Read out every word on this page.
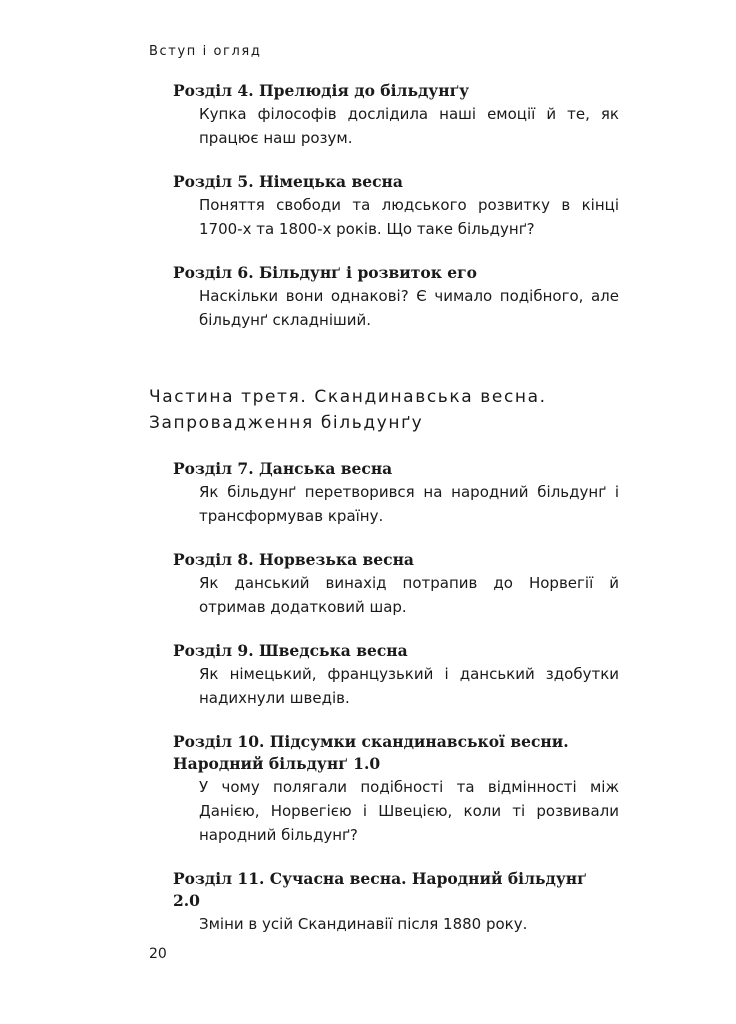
Вступ і огляд
Розділ 4. Прелюдія до більдунґу
Купка філософів дослідила наші емоції й те, як працює наш розум.
Розділ 5. Німецька весна
Поняття свободи та людського розвитку в кінці 1700-х та 1800-х років. Що таке більдунґ?
Розділ 6. Більдунґ і розвиток его
Наскільки вони однакові? Є чимало подібного, але більдунґ складніший.
Частина третя. Скандинавська весна.
Запровадження більдунґу
Розділ 7. Данська весна
Як більдунґ перетворився на народний більдунґ і трансформував країну.
Розділ 8. Норвезька весна
Як данський винахід потрапив до Норвегії й отримав додатковий шар.
Розділ 9. Шведська весна
Як німецький, французький і данський здобутки надихнули шведів.
Розділ 10. Підсумки скандинавської весни. Народний більдунґ 1.0
У чому полягали подібності та відмінності між Данією, Норвегією і Швецією, коли ті розвивали народний більдунґ?
Розділ 11. Сучасна весна. Народний більдунґ 2.0
Зміни в усій Скандинавії після 1880 року.
20
